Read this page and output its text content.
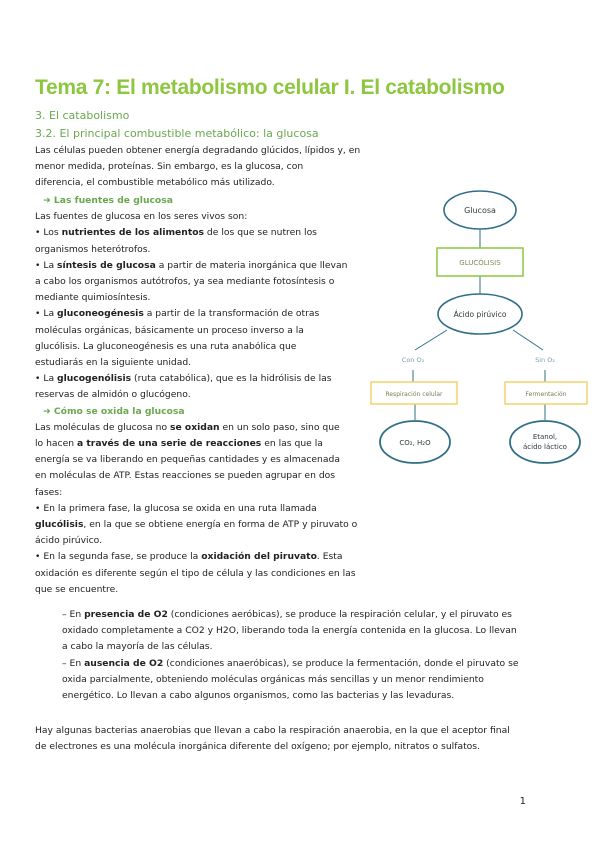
Tema 7: El metabolismo celular I. El catabolismo
3. El catabolismo
3.2. El principal combustible metabólico: la glucosa
Las células pueden obtener energía degradando glúcidos, lípidos y, en
menor medida, proteínas. Sin embargo, es la glucosa, con
diferencia, el combustible metabólico más utilizado.
➜ Las fuentes de glucosa
Las fuentes de glucosa en los seres vivos son:
• Los nutrientes de los alimentos de los que se nutren los
organismos heterótrofos.
• La síntesis de glucosa a partir de materia inorgánica que llevan
a cabo los organismos autótrofos, ya sea mediante fotosíntesis o
mediante quimiosíntesis.
• La gluconeogénesis a partir de la transformación de otras
moléculas orgánicas, básicamente un proceso inverso a la
glucólisis. La gluconeogénesis es una ruta anabólica que
estudiarás en la siguiente unidad.
• La glucogenólisis (ruta catabólica), que es la hidrólisis de las
reservas de almidón o glucógeno.
➜ Cómo se oxida la glucosa
Las moléculas de glucosa no se oxidan en un solo paso, sino que
lo hacen a través de una serie de reacciones en las que la
energía se va liberando en pequeñas cantidades y es almacenada
en moléculas de ATP. Estas reacciones se pueden agrupar en dos
fases:
• En la primera fase, la glucosa se oxida en una ruta llamada
glucólisis, en la que se obtiene energía en forma de ATP y piruvato o
ácido pirúvico.
• En la segunda fase, se produce la oxidación del piruvato. Esta
oxidación es diferente según el tipo de célula y las condiciones en las
que se encuentre.
– En presencia de O2 (condiciones aeróbicas), se produce la respiración celular, y el piruvato es
oxidado completamente a CO2 y H2O, liberando toda la energía contenida en la glucosa. Lo llevan
a cabo la mayoría de las células.
– En ausencia de O2 (condiciones anaeróbicas), se produce la fermentación, donde el piruvato se
oxida parcialmente, obteniendo moléculas orgánicas más sencillas y un menor rendimiento
energético. Lo llevan a cabo algunos organismos, como las bacterias y las levaduras.
Hay algunas bacterias anaerobias que llevan a cabo la respiración anaerobia, en la que el aceptor final
de electrones es una molécula inorgánica diferente del oxígeno; por ejemplo, nitratos o sulfatos.
1
Glucosa
GLUCÓLISIS
Ácido pirúvico
Con O₂	Sin O₂
Respiración celular	Fermentación
CO₂, H₂O
Etanol,
ácido láctico
